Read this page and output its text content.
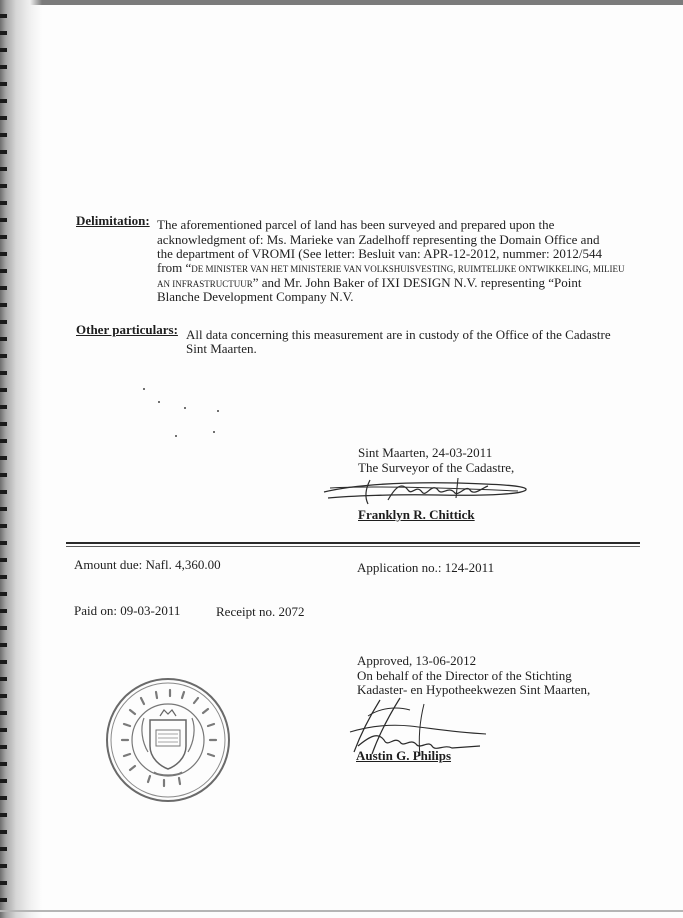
Delimitation: The aforementioned parcel of land has been surveyed and prepared upon the
acknowledgment of: Ms. Marieke van Zadelhoff representing the Domain Office and
the department of VROMI (See letter: Besluit van: APR-12-2012, nummer: 2012/544
from “DE MINISTER VAN HET MINISTERIE VAN VOLKSHUISVESTING, RUIMTELIJKE ONTWIKKELING, MILIEU
AN INFRASTRUCTUUR” and Mr. John Baker of IXI DESIGN N.V. representing “Point
Blanche Development Company N.V.
Other particulars: All data concerning this measurement are in custody of the Office of the Cadastre
Sint Maarten.
Sint Maarten, 24-03-2011
The Surveyor of the Cadastre,
Franklyn R. Chittick
Amount due: Nafl. 4,360.00	Application no.: 124-2011
Paid on: 09-03-2011	Receipt no. 2072
Approved, 13-06-2012
On behalf of the Director of the Stichting
Kadaster- en Hypotheekwezen Sint Maarten,
Austin G. Philips
